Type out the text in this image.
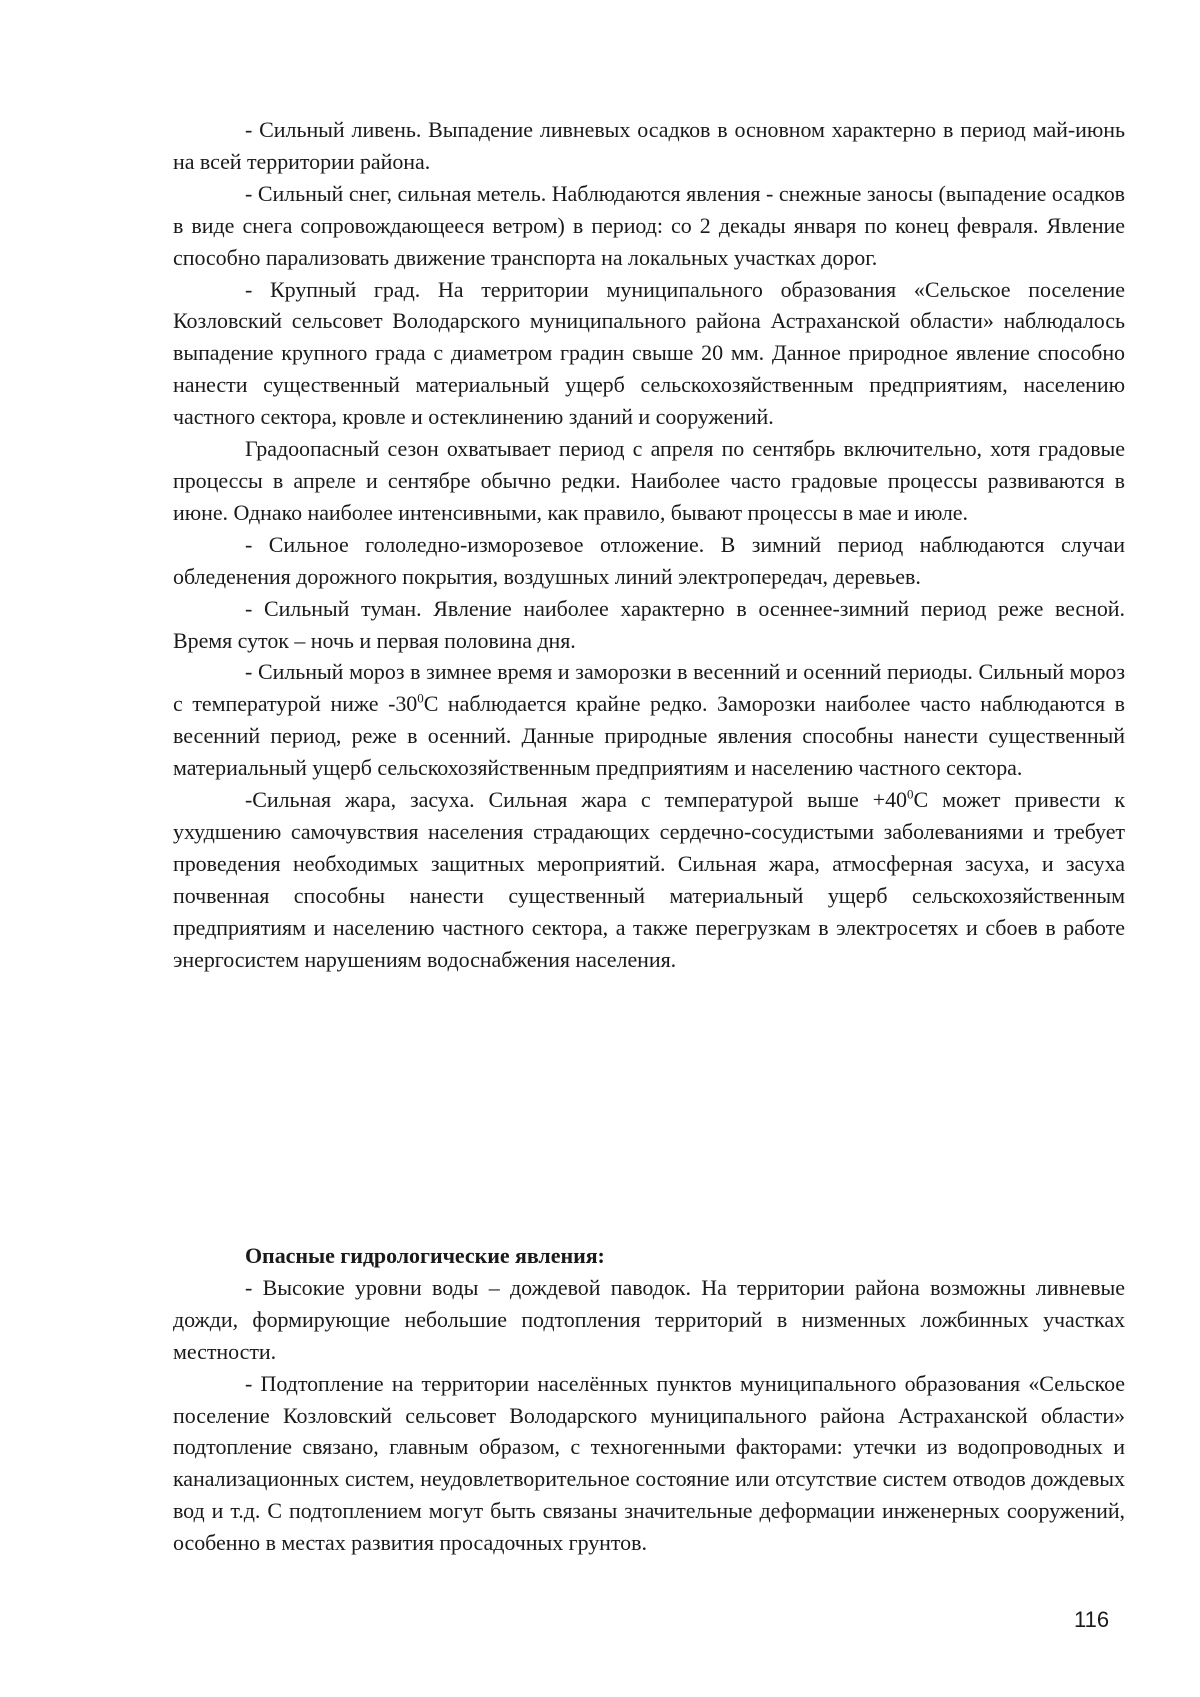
- Сильный ливень. Выпадение ливневых осадков в основном характерно в период май-июнь на всей территории района.

- Сильный снег, сильная метель. Наблюдаются явления - снежные заносы (выпадение осадков в виде снега сопровождающееся ветром) в период: со 2 декады января по конец февраля. Явление способно парализовать движение транспорта на локальных участках дорог.

- Крупный град. На территории муниципального образования «Сельское поселение Козловский сельсовет Володарского муниципального района Астраханской области» наблюдалось выпадение крупного града с диаметром градин свыше 20 мм. Данное природное явление способно нанести существенный материальный ущерб сельскохозяйственным предприятиям, населению частного сектора, кровле и остеклинению зданий и сооружений.

Градоопасный сезон охватывает период с апреля по сентябрь включительно, хотя градовые процессы в апреле и сентябре обычно редки. Наиболее часто градовые процессы развиваются в июне. Однако наиболее интенсивными, как правило, бывают процессы в мае и июле.

- Сильное гололедно-изморозевое отложение. В зимний период наблюдаются случаи обледенения дорожного покрытия, воздушных линий электропередач, деревьев.

- Сильный туман. Явление наиболее характерно в осеннее-зимний период реже весной. Время суток – ночь и первая половина дня.

- Сильный мороз в зимнее время и заморозки в весенний и осенний периоды. Сильный мороз с температурой ниже $-30^0С$ наблюдается крайне редко. Заморозки наиболее часто наблюдаются в весенний период, реже в осенний. Данные природные явления способны нанести существенный материальный ущерб сельскохозяйственным предприятиям и населению частного сектора.

-Сильная жара, засуха. Сильная жара с температурой выше $+40^0С$ может привести к ухудшению самочувствия населения страдающих сердечно-сосудистыми заболеваниями и требует проведения необходимых защитных мероприятий. Сильная жара, атмосферная засуха, и засуха почвенная способны нанести существенный материальный ущерб сельскохозяйственным предприятиям и населению частного сектора, а также перегрузкам в электросетях и сбоев в работе энергосистем нарушениям водоснабжения населения.

Опасные гидрологические явления:

- Высокие уровни воды – дождевой паводок. На территории района возможны ливневые дожди, формирующие небольшие подтопления территорий в низменных ложбинных участках местности.

- Подтопление на территории населённых пунктов муниципального образования «Сельское поселение Козловский сельсовет Володарского муниципального района Астраханской области» подтопление связано, главным образом, с техногенными факторами: утечки из водопроводных и канализационных систем, неудовлетворительное состояние или отсутствие систем отводов дождевых вод и т.д. С подтоплением могут быть связаны значительные деформации инженерных сооружений, особенно в местах развития просадочных грунтов.

116
